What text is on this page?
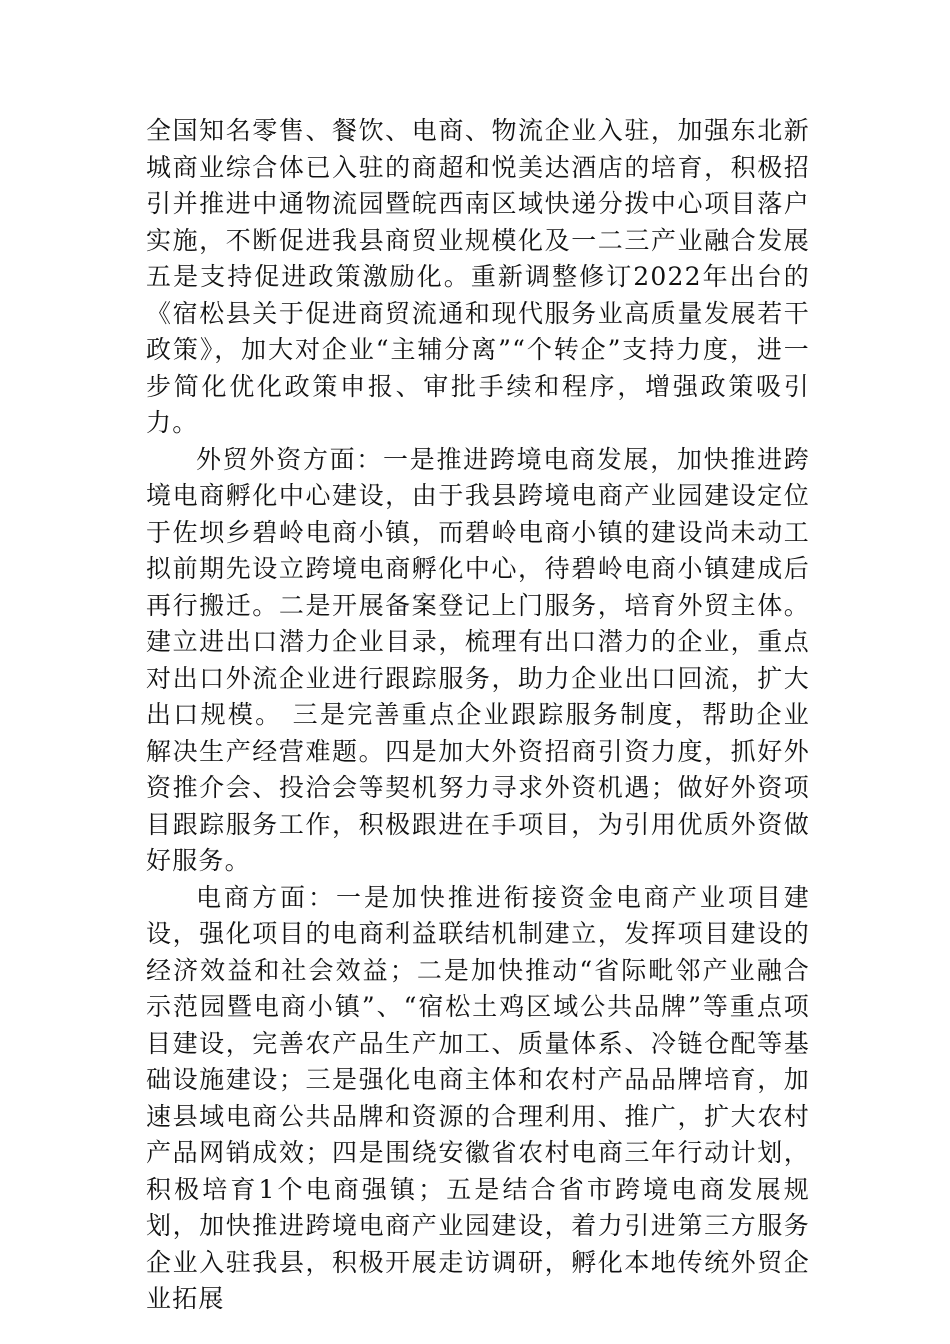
全国知名零售、餐饮、电商、物流企业入驻，加强东北新城商业综合体已入驻的商超和悦美达酒店的培育，积极招引并推进中通物流园暨皖西南区域快递分拨中心项目落户实施，不断促进我县商贸业规模化及一二三产业融合发展五是支持促进政策激励化。重新调整修订2022年出台的《宿松县关于促进商贸流通和现代服务业高质量发展若干政策》，加大对企业“主辅分离”“个转企”支持力度，进一步简化优化政策申报、审批手续和程序，增强政策吸引力。

外贸外资方面：一是推进跨境电商发展，加快推进跨境电商孵化中心建设，由于我县跨境电商产业园建设定位于佐坝乡碧岭电商小镇，而碧岭电商小镇的建设尚未动工拟前期先设立跨境电商孵化中心，待碧岭电商小镇建成后再行搬迁。二是开展备案登记上门服务，培育外贸主体。建立进出口潜力企业目录，梳理有出口潜力的企业，重点对出口外流企业进行跟踪服务，助力企业出口回流，扩大出口规模。 三是完善重点企业跟踪服务制度，帮助企业解决生产经营难题。四是加大外资招商引资力度，抓好外资推介会、投洽会等契机努力寻求外资机遇；做好外资项目跟踪服务工作，积极跟进在手项目，为引用优质外资做好服务。

电商方面：一是加快推进衔接资金电商产业项目建设，强化项目的电商利益联结机制建立，发挥项目建设的经济效益和社会效益；二是加快推动“省际毗邻产业融合示范园暨电商小镇”、“宿松土鸡区域公共品牌”等重点项目建设，完善农产品生产加工、质量体系、冷链仓配等基础设施建设；三是强化电商主体和农村产品品牌培育，加速县域电商公共品牌和资源的合理利用、推广，扩大农村产品网销成效；四是围绕安徽省农村电商三年行动计划，积极培育1个电商强镇；五是结合省市跨境电商发展规划，加快推进跨境电商产业园建设，着力引进第三方服务企业入驻我县，积极开展走访调研，孵化本地传统外贸企业拓展
